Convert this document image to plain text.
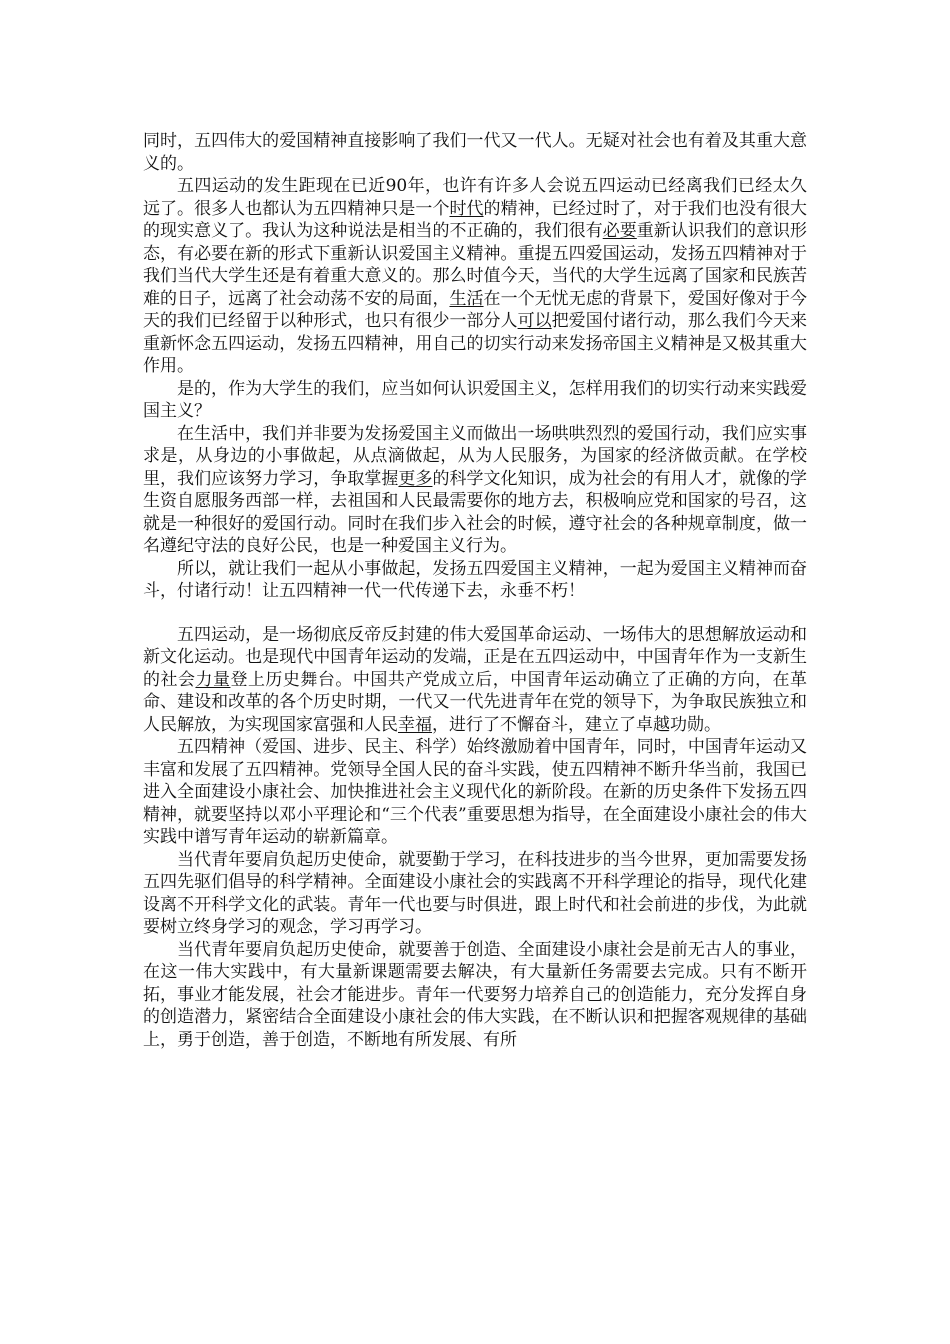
同时，五四伟大的爱国精神直接影响了我们一代又一代人。无疑对社会也有着及其重大意义的。

五四运动的发生距现在已近90年，也许有许多人会说五四运动已经离我们已经太久远了。很多人也都认为五四精神只是一个时代的精神，已经过时了，对于我们也没有很大的现实意义了。我认为这种说法是相当的不正确的，我们很有必要重新认识我们的意识形态，有必要在新的形式下重新认识爱国主义精神。重提五四爱国运动，发扬五四精神对于我们当代大学生还是有着重大意义的。那么时值今天，当代的大学生远离了国家和民族苦难的日子，远离了社会动荡不安的局面，生活在一个无忧无虑的背景下，爱国好像对于今天的我们已经留于以种形式，也只有很少一部分人可以把爱国付诸行动，那么我们今天来重新怀念五四运动，发扬五四精神，用自己的切实行动来发扬帝国主义精神是又极其重大作用。

是的，作为大学生的我们，应当如何认识爱国主义，怎样用我们的切实行动来实践爱国主义？

在生活中，我们并非要为发扬爱国主义而做出一场哄哄烈烈的爱国行动，我们应实事求是，从身边的小事做起，从点滴做起，从为人民服务，为国家的经济做贡献。在学校里，我们应该努力学习，争取掌握更多的科学文化知识，成为社会的有用人才，就像的学生资自愿服务西部一样，去祖国和人民最需要你的地方去，积极响应党和国家的号召，这就是一种很好的爱国行动。同时在我们步入社会的时候，遵守社会的各种规章制度，做一名遵纪守法的良好公民，也是一种爱国主义行为。

所以，就让我们一起从小事做起，发扬五四爱国主义精神，一起为爱国主义精神而奋斗，付诸行动！让五四精神一代一代传递下去，永垂不朽！

五四运动，是一场彻底反帝反封建的伟大爱国革命运动、一场伟大的思想解放运动和新文化运动。也是现代中国青年运动的发端，正是在五四运动中，中国青年作为一支新生的社会力量登上历史舞台。中国共产党成立后，中国青年运动确立了正确的方向，在革命、建设和改革的各个历史时期，一代又一代先进青年在党的领导下，为争取民族独立和人民解放，为实现国家富强和人民幸福，进行了不懈奋斗，建立了卓越功勋。

五四精神（爱国、进步、民主、科学）始终激励着中国青年，同时，中国青年运动又丰富和发展了五四精神。党领导全国人民的奋斗实践，使五四精神不断升华当前，我国已进入全面建设小康社会、加快推进社会主义现代化的新阶段。在新的历史条件下发扬五四精神，就要坚持以邓小平理论和“三个代表”重要思想为指导，在全面建设小康社会的伟大实践中谱写青年运动的崭新篇章。

当代青年要肩负起历史使命，就要勤于学习，在科技进步的当今世界，更加需要发扬五四先驱们倡导的科学精神。全面建设小康社会的实践离不开科学理论的指导，现代化建设离不开科学文化的武装。青年一代也要与时俱进，跟上时代和社会前进的步伐，为此就要树立终身学习的观念，学习再学习。

当代青年要肩负起历史使命，就要善于创造、全面建设小康社会是前无古人的事业，在这一伟大实践中，有大量新课题需要去解决，有大量新任务需要去完成。只有不断开拓，事业才能发展，社会才能进步。青年一代要努力培养自己的创造能力，充分发挥自身的创造潜力，紧密结合全面建设小康社会的伟大实践，在不断认识和把握客观规律的基础上，勇于创造，善于创造，不断地有所发展、有所
